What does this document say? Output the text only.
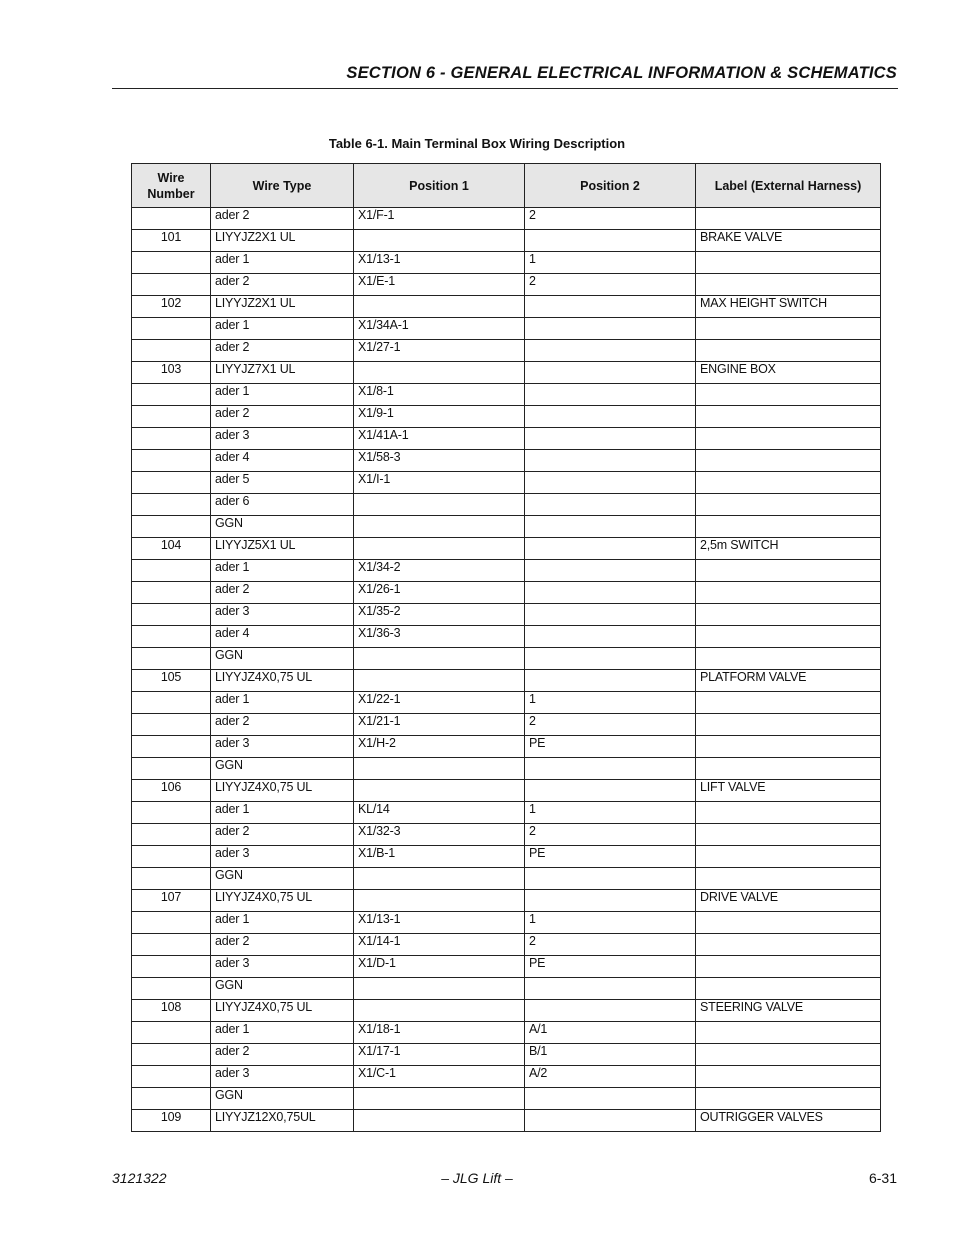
SECTION 6 - GENERAL ELECTRICAL INFORMATION & SCHEMATICS
Table 6-1. Main Terminal Box Wiring Description
Wire Number	Wire Type	Position 1	Position 2	Label (External Harness)
	ader 2	X1/F-1	2	
101	LIYYJZ2X1 UL			BRAKE VALVE
	ader 1	X1/13-1	1	
	ader 2	X1/E-1	2	
102	LIYYJZ2X1 UL			MAX HEIGHT SWITCH
	ader 1	X1/34A-1		
	ader 2	X1/27-1		
103	LIYYJZ7X1 UL			ENGINE BOX
	ader 1	X1/8-1		
	ader 2	X1/9-1		
	ader 3	X1/41A-1		
	ader 4	X1/58-3		
	ader 5	X1/I-1		
	ader 6			
	GGN			
104	LIYYJZ5X1 UL			2,5m SWITCH
	ader 1	X1/34-2		
	ader 2	X1/26-1		
	ader 3	X1/35-2		
	ader 4	X1/36-3		
	GGN			
105	LIYYJZ4X0,75 UL			PLATFORM VALVE
	ader 1	X1/22-1	1	
	ader 2	X1/21-1	2	
	ader 3	X1/H-2	PE	
	GGN			
106	LIYYJZ4X0,75 UL			LIFT VALVE
	ader 1	KL/14	1	
	ader 2	X1/32-3	2	
	ader 3	X1/B-1	PE	
	GGN			
107	LIYYJZ4X0,75 UL			DRIVE VALVE
	ader 1	X1/13-1	1	
	ader 2	X1/14-1	2	
	ader 3	X1/D-1	PE	
	GGN			
108	LIYYJZ4X0,75 UL			STEERING VALVE
	ader 1	X1/18-1	A/1	
	ader 2	X1/17-1	B/1	
	ader 3	X1/C-1	A/2	
	GGN			
109	LIYYJZ12X0,75UL			OUTRIGGER VALVES
3121322	– JLG Lift –	6-31
